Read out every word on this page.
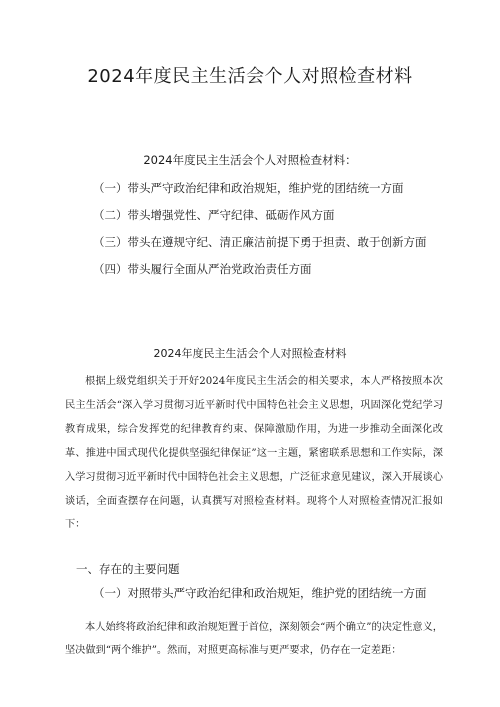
2024年度民主生活会个人对照检查材料
2024年度民主生活会个人对照检查材料：
（一）带头严守政治纪律和政治规矩，维护党的团结统一方面
（二）带头增强党性、严守纪律、砥砺作风方面
（三）带头在遵规守纪、清正廉洁前提下勇于担责、敢于创新方面
（四）带头履行全面从严治党政治责任方面
2024年度民主生活会个人对照检查材料
根据上级党组织关于开好2024年度民主生活会的相关要求，本人严格按照本次民主生活会“深入学习贯彻习近平新时代中国特色社会主义思想，巩固深化党纪学习教育成果，综合发挥党的纪律教育约束、保障激励作用，为进一步推动全面深化改革、推进中国式现代化提供坚强纪律保证”这一主题，紧密联系思想和工作实际，深入学习贯彻习近平新时代中国特色社会主义思想，广泛征求意见建议，深入开展谈心谈话，全面查摆存在问题，认真撰写对照检查材料。现将个人对照检查情况汇报如下：
一、存在的主要问题
（一）对照带头严守政治纪律和政治规矩，维护党的团结统一方面
本人始终将政治纪律和政治规矩置于首位，深刻领会“两个确立”的决定性意义，坚决做到“两个维护”。然而，对照更高标准与更严要求，仍存在一定差距：
